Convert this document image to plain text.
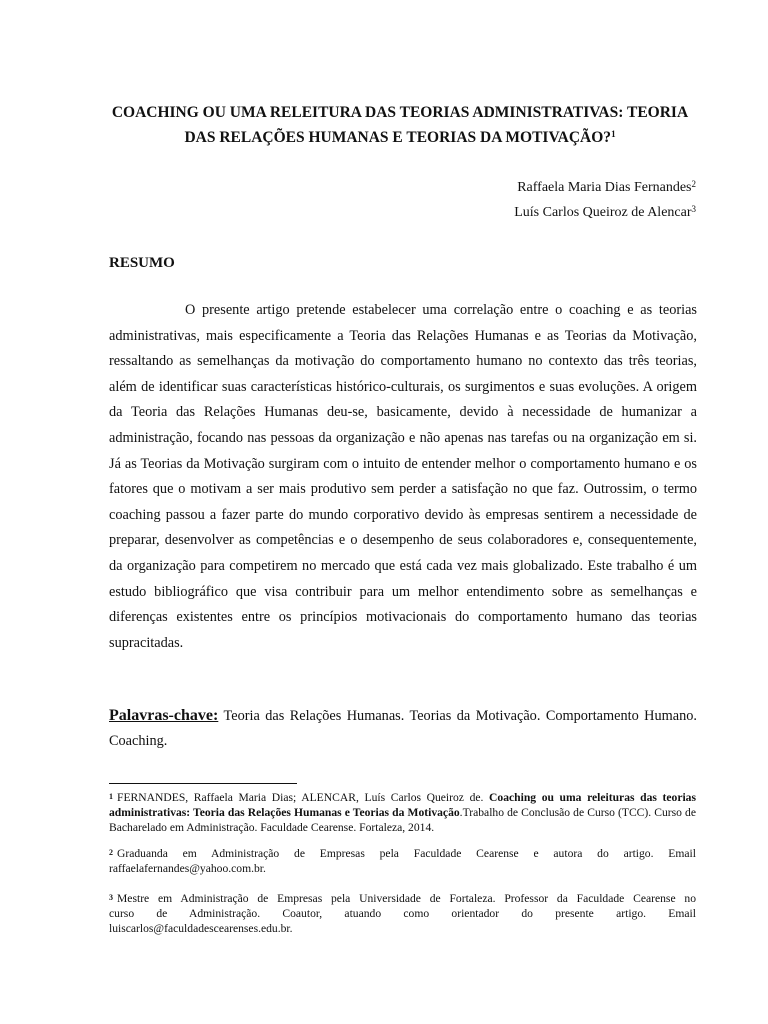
COACHING OU UMA RELEITURA DAS TEORIAS ADMINISTRATIVAS: TEORIA
DAS RELAÇÕES HUMANAS E TEORIAS DA MOTIVAÇÃO?$^1$
Raffaela Maria Dias Fernandes$^2$
Luís Carlos Queiroz de Alencar$^3$
RESUMO

O presente artigo pretende estabelecer uma correlação entre o coaching e as teorias administrativas, mais especificamente a Teoria das Relações Humanas e as Teorias da Motivação, ressaltando as semelhanças da motivação do comportamento humano no contexto das três teorias, além de identificar suas características histórico-culturais, os surgimentos e suas evoluções. A origem da Teoria das Relações Humanas deu-se, basicamente, devido à necessidade de humanizar a administração, focando nas pessoas da organização e não apenas nas tarefas ou na organização em si. Já as Teorias da Motivação surgiram com o intuito de entender melhor o comportamento humano e os fatores que o motivam a ser mais produtivo sem perder a satisfação no que faz. Outrossim, o termo coaching passou a fazer parte do mundo corporativo devido às empresas sentirem a necessidade de preparar, desenvolver as competências e o desempenho de seus colaboradores e, consequentemente, da organização para competirem no mercado que está cada vez mais globalizado. Este trabalho é um estudo bibliográfico que visa contribuir para um melhor entendimento sobre as semelhanças e diferenças existentes entre os princípios motivacionais do comportamento humano das teorias supracitadas.

Palavras-chave: Teoria das Relações Humanas. Teorias da Motivação. Comportamento Humano. Coaching.

$^1$ FERNANDES, Raffaela Maria Dias; ALENCAR, Luís Carlos Queiroz de. Coaching ou uma releituras das teorias administrativas: Teoria das Relações Humanas e Teorias da Motivação.Trabalho de Conclusão de Curso (TCC). Curso de Bacharelado em Administração. Faculdade Cearense. Fortaleza, 2014.

$^2$ Graduanda em Administração de Empresas pela Faculdade Cearense e autora do artigo. Email
raffaelafernandes@yahoo.com.br.
$^3$ Mestre em Administração de Empresas pela Universidade de Fortaleza. Professor da Faculdade Cearense no
curso de Administração. Coautor, atuando como orientador do presente artigo. Email
luiscarlos@faculdadescearenses.edu.br.
